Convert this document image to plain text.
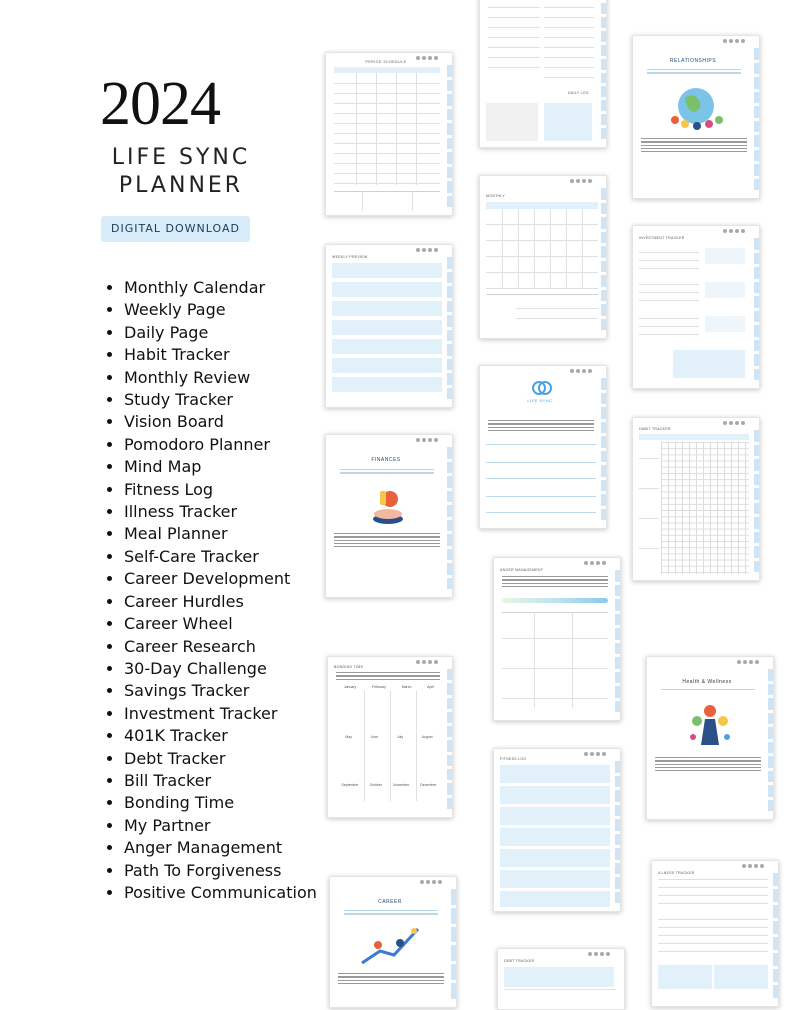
2024
LIFE SYNC
PLANNER
DIGITAL DOWNLOAD
• Monthly Calendar
• Weekly Page
• Daily Page
• Habit Tracker
• Monthly Review
• Study Tracker
• Vision Board
• Pomodoro Planner
• Mind Map
• Fitness Log
• Illness Tracker
• Meal Planner
• Self-Care Tracker
• Career Development
• Career Hurdles
• Career Wheel
• Career Research
• 30-Day Challenge
• Savings Tracker
• Investment Tracker
• 401K Tracker
• Debt Tracker
• Bill Tracker
• Bonding Time
• My Partner
• Anger Management
• Path To Forgiveness
• Positive Communication
PERIOD SCHEDULE
WEEKLY PREVIEW
FINANCES
BONDING TIME
January	February	March	April
May	June	July	August
September	October	November	December
CAREER
DAILY LOG
MONTHLY
LIFE SYNC
ANGER MANAGEMENT
FITNESS LOG
DEBT TRACKER
RELATIONSHIPS
INVESTMENT TRACKER
HABIT TRACKER
Health & Wellness
ILLNESS TRACKER
